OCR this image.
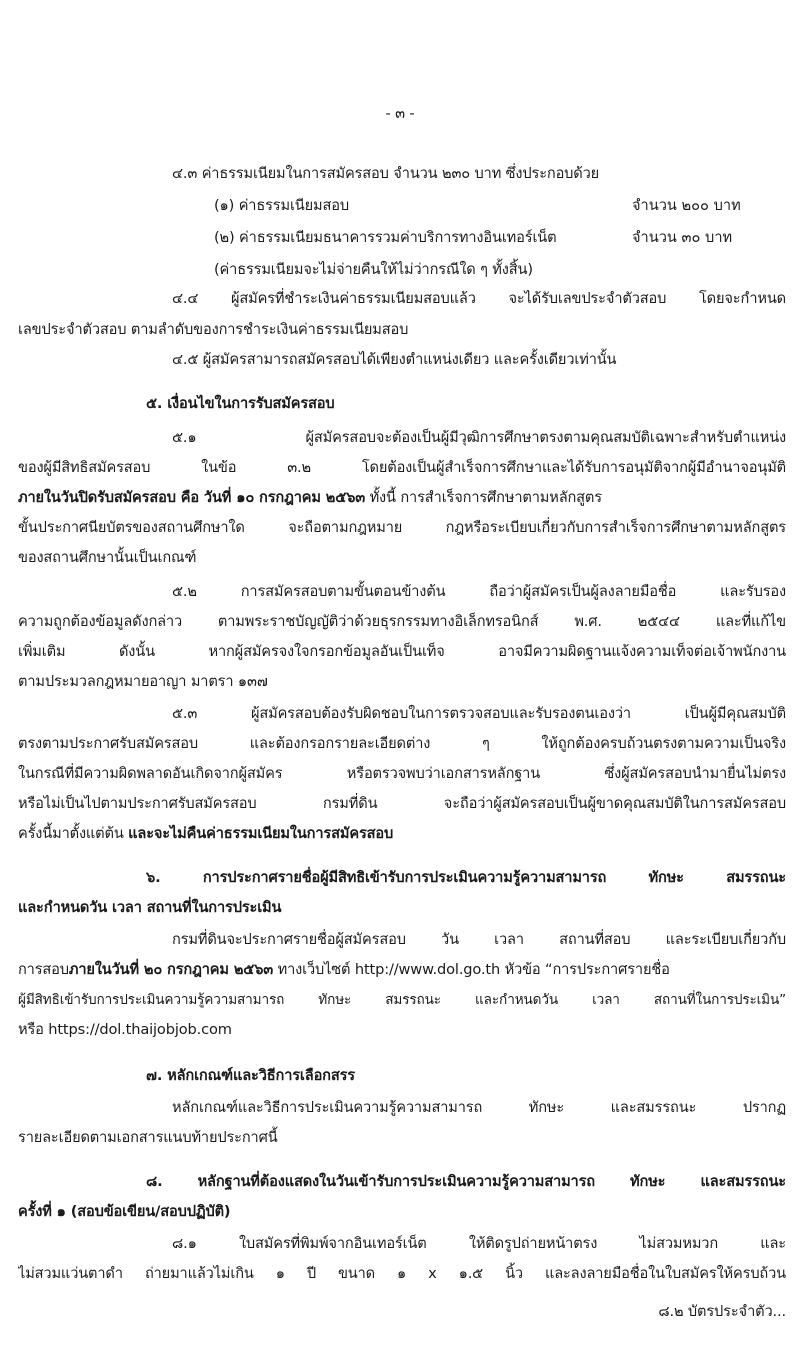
- ๓ -
๔.๓ ค่าธรรมเนียมในการสมัครสอบ จำนวน ๒๓๐ บาท ซึ่งประกอบด้วย
(๑) ค่าธรรมเนียมสอบ	จำนวน ๒๐๐ บาท
(๒) ค่าธรรมเนียมธนาคารรวมค่าบริการทางอินเทอร์เน็ต	จำนวน ๓๐ บาท
(ค่าธรรมเนียมจะไม่จ่ายคืนให้ไม่ว่ากรณีใด ๆ ทั้งสิ้น)
๔.๔ ผู้สมัครที่ชำระเงินค่าธรรมเนียมสอบแล้ว จะได้รับเลขประจำตัวสอบ โดยจะกำหนด
เลขประจำตัวสอบ ตามลำดับของการชำระเงินค่าธรรมเนียมสอบ
๔.๕ ผู้สมัครสามารถสมัครสอบได้เพียงตำแหน่งเดียว และครั้งเดียวเท่านั้น
๕. เงื่อนไขในการรับสมัครสอบ
๕.๑ ผู้สมัครสอบจะต้องเป็นผู้มีวุฒิการศึกษาตรงตามคุณสมบัติเฉพาะสำหรับตำแหน่ง
ของผู้มีสิทธิสมัครสอบ ในข้อ ๓.๒ โดยต้องเป็นผู้สำเร็จการศึกษาและได้รับการอนุมัติจากผู้มีอำนาจอนุมัติ
ภายในวันปิดรับสมัครสอบ คือ วันที่ ๑๐ กรกฎาคม ๒๕๖๓ ทั้งนี้ การสำเร็จการศึกษาตามหลักสูตร
ขั้นประกาศนียบัตรของสถานศึกษาใด จะถือตามกฎหมาย กฎหรือระเบียบเกี่ยวกับการสำเร็จการศึกษาตามหลักสูตร
ของสถานศึกษานั้นเป็นเกณฑ์
๕.๒ การสมัครสอบตามขั้นตอนข้างต้น ถือว่าผู้สมัครเป็นผู้ลงลายมือชื่อ และรับรอง
ความถูกต้องข้อมูลดังกล่าว ตามพระราชบัญญัติว่าด้วยธุรกรรมทางอิเล็กทรอนิกส์ พ.ศ. ๒๕๔๔ และที่แก้ไข
เพิ่มเติม ดังนั้น หากผู้สมัครจงใจกรอกข้อมูลอันเป็นเท็จ อาจมีความผิดฐานแจ้งความเท็จต่อเจ้าพนักงาน
ตามประมวลกฎหมายอาญา มาตรา ๑๓๗
๕.๓ ผู้สมัครสอบต้องรับผิดชอบในการตรวจสอบและรับรองตนเองว่า เป็นผู้มีคุณสมบัติ
ตรงตามประกาศรับสมัครสอบ และต้องกรอกรายละเอียดต่าง ๆ ให้ถูกต้องครบถ้วนตรงตามความเป็นจริง
ในกรณีที่มีความผิดพลาดอันเกิดจากผู้สมัคร หรือตรวจพบว่าเอกสารหลักฐาน ซึ่งผู้สมัครสอบนำมายื่นไม่ตรง
หรือไม่เป็นไปตามประกาศรับสมัครสอบ กรมที่ดิน จะถือว่าผู้สมัครสอบเป็นผู้ขาดคุณสมบัติในการสมัครสอบ
ครั้งนี้มาตั้งแต่ต้น และจะไม่คืนค่าธรรมเนียมในการสมัครสอบ
๖. การประกาศรายชื่อผู้มีสิทธิเข้ารับการประเมินความรู้ความสามารถ ทักษะ สมรรถนะ
และกำหนดวัน เวลา สถานที่ในการประเมิน
กรมที่ดินจะประกาศรายชื่อผู้สมัครสอบ วัน เวลา สถานที่สอบ และระเบียบเกี่ยวกับ
การสอบภายในวันที่ ๒๐ กรกฎาคม ๒๕๖๓ ทางเว็บไซต์ http://www.dol.go.th หัวข้อ “การประกาศรายชื่อ
ผู้มีสิทธิเข้ารับการประเมินความรู้ความสามารถ ทักษะ สมรรถนะ และกำหนดวัน เวลา สถานที่ในการประเมิน”
หรือ https://dol.thaijobjob.com
๗. หลักเกณฑ์และวิธีการเลือกสรร
หลักเกณฑ์และวิธีการประเมินความรู้ความสามารถ ทักษะ และสมรรถนะ ปรากฏ
รายละเอียดตามเอกสารแนบท้ายประกาศนี้
๘. หลักฐานที่ต้องแสดงในวันเข้ารับการประเมินความรู้ความสามารถ ทักษะ และสมรรถนะ
ครั้งที่ ๑ (สอบข้อเขียน/สอบปฏิบัติ)
๘.๑ ใบสมัครที่พิมพ์จากอินเทอร์เน็ต ให้ติดรูปถ่ายหน้าตรง ไม่สวมหมวก และ
ไม่สวมแว่นตาดำ ถ่ายมาแล้วไม่เกิน ๑ ปี ขนาด ๑ x ๑.๕ นิ้ว และลงลายมือชื่อในใบสมัครให้ครบถ้วน
๘.๒ บัตรประจำตัว...
